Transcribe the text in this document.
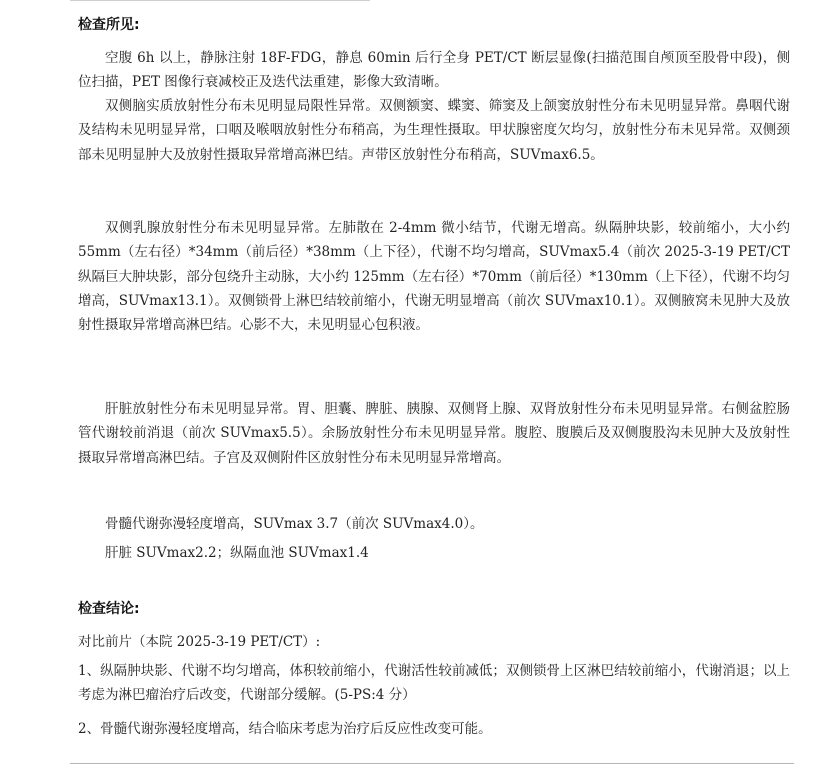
检查所见:
空腹 6h 以上，静脉注射 18F-FDG，静息 60min 后行全身 PET/CT 断层显像(扫描范围自颅顶至股骨中段)，侧位扫描，PET 图像行衰减校正及迭代法重建，影像大致清晰。
双侧脑实质放射性分布未见明显局限性异常。双侧额窦、蝶窦、筛窦及上颌窦放射性分布未见明显异常。鼻咽代谢及结构未见明显异常，口咽及喉咽放射性分布稍高，为生理性摄取。甲状腺密度欠均匀，放射性分布未见异常。双侧颈部未见明显肿大及放射性摄取异常增高淋巴结。声带区放射性分布稍高，SUVmax6.5。
双侧乳腺放射性分布未见明显异常。左肺散在 2-4mm 微小结节，代谢无增高。纵隔肿块影，较前缩小，大小约 55mm（左右径）*34mm（前后径）*38mm（上下径），代谢不均匀增高，SUVmax5.4（前次 2025-3-19 PET/CT 纵隔巨大肿块影，部分包绕升主动脉，大小约 125mm（左右径）*70mm（前后径）*130mm（上下径），代谢不均匀增高，SUVmax13.1）。双侧锁骨上淋巴结较前缩小，代谢无明显增高（前次 SUVmax10.1）。双侧腋窝未见肿大及放射性摄取异常增高淋巴结。心影不大，未见明显心包积液。
肝脏放射性分布未见明显异常。胃、胆囊、脾脏、胰腺、双侧肾上腺、双肾放射性分布未见明显异常。右侧盆腔肠管代谢较前消退（前次 SUVmax5.5）。余肠放射性分布未见明显异常。腹腔、腹膜后及双侧腹股沟未见肿大及放射性摄取异常增高淋巴结。子宫及双侧附件区放射性分布未见明显异常增高。
骨髓代谢弥漫轻度增高，SUVmax 3.7（前次 SUVmax4.0）。
肝脏 SUVmax2.2；纵隔血池 SUVmax1.4
检查结论:
对比前片（本院 2025-3-19 PET/CT）:
1、纵隔肿块影、代谢不均匀增高，体积较前缩小，代谢活性较前减低；双侧锁骨上区淋巴结较前缩小，代谢消退；以上考虑为淋巴瘤治疗后改变，代谢部分缓解。(5-PS:4 分）
2、骨髓代谢弥漫轻度增高，结合临床考虑为治疗后反应性改变可能。
